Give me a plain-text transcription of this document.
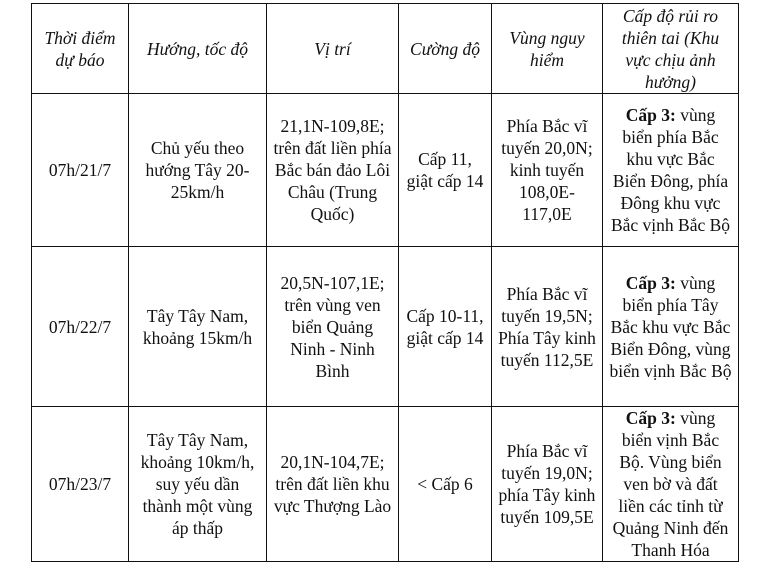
Thời điểm dự báo	Hướng, tốc độ	Vị trí	Cường độ	Vùng nguy hiểm	Cấp độ rủi ro thiên tai (Khu vực chịu ảnh hưởng)
07h/21/7	Chủ yếu theo hướng Tây 20-25km/h	21,1N-109,8E; trên đất liền phía Bắc bán đảo Lôi Châu (Trung Quốc)	Cấp 11, giật cấp 14	Phía Bắc vĩ tuyến 20,0N; kinh tuyến 108,0E-117,0E	Cấp 3: vùng biển phía Bắc khu vực Bắc Biển Đông, phía Đông khu vực Bắc vịnh Bắc Bộ
07h/22/7	Tây Tây Nam, khoảng 15km/h	20,5N-107,1E; trên vùng ven biển Quảng Ninh - Ninh Bình	Cấp 10-11, giật cấp 14	Phía Bắc vĩ tuyến 19,5N; Phía Tây kinh tuyến 112,5E	Cấp 3: vùng biển phía Tây Bắc khu vực Bắc Biển Đông, vùng biển vịnh Bắc Bộ
07h/23/7	Tây Tây Nam, khoảng 10km/h, suy yếu dần thành một vùng áp thấp	20,1N-104,7E; trên đất liền khu vực Thượng Lào	< Cấp 6	Phía Bắc vĩ tuyến 19,0N; phía Tây kinh tuyến 109,5E	Cấp 3: vùng biển vịnh Bắc Bộ. Vùng biển ven bờ và đất liền các tỉnh từ Quảng Ninh đến Thanh Hóa
